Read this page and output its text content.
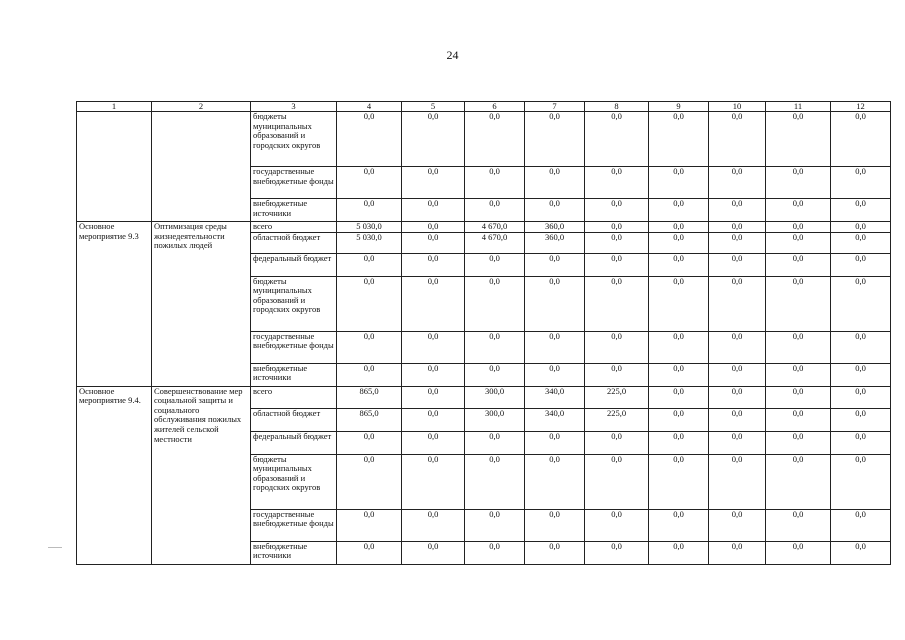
24
1	2	3	4	5	6	7	8	9	10	11	12
		бюджеты муниципальных образований и городских округов	0,0	0,0	0,0	0,0	0,0	0,0	0,0	0,0	0,0
		государственные внебюджетные фонды	0,0	0,0	0,0	0,0	0,0	0,0	0,0	0,0	0,0
		внебюджетные источники	0,0	0,0	0,0	0,0	0,0	0,0	0,0	0,0	0,0
Основное мероприятие 9.3	Оптимизация среды жизнедеятельности пожилых людей	всего	5 030,0	0,0	4 670,0	360,0	0,0	0,0	0,0	0,0	0,0
		областной бюджет	5 030,0	0,0	4 670,0	360,0	0,0	0,0	0,0	0,0	0,0
		федеральный бюджет	0,0	0,0	0,0	0,0	0,0	0,0	0,0	0,0	0,0
		бюджеты муниципальных образований и городских округов	0,0	0,0	0,0	0,0	0,0	0,0	0,0	0,0	0,0
		государственные внебюджетные фонды	0,0	0,0	0,0	0,0	0,0	0,0	0,0	0,0	0,0
		внебюджетные источники	0,0	0,0	0,0	0,0	0,0	0,0	0,0	0,0	0,0
Основное мероприятие 9.4.	Совершенствование мер социальной защиты и социального обслуживания пожилых жителей сельской местности	всего	865,0	0,0	300,0	340,0	225,0	0,0	0,0	0,0	0,0
		областной бюджет	865,0	0,0	300,0	340,0	225,0	0,0	0,0	0,0	0,0
		федеральный бюджет	0,0	0,0	0,0	0,0	0,0	0,0	0,0	0,0	0,0
		бюджеты муниципальных образований и городских округов	0,0	0,0	0,0	0,0	0,0	0,0	0,0	0,0	0,0
		государственные внебюджетные фонды	0,0	0,0	0,0	0,0	0,0	0,0	0,0	0,0	0,0
		внебюджетные источники	0,0	0,0	0,0	0,0	0,0	0,0	0,0	0,0	0,0
